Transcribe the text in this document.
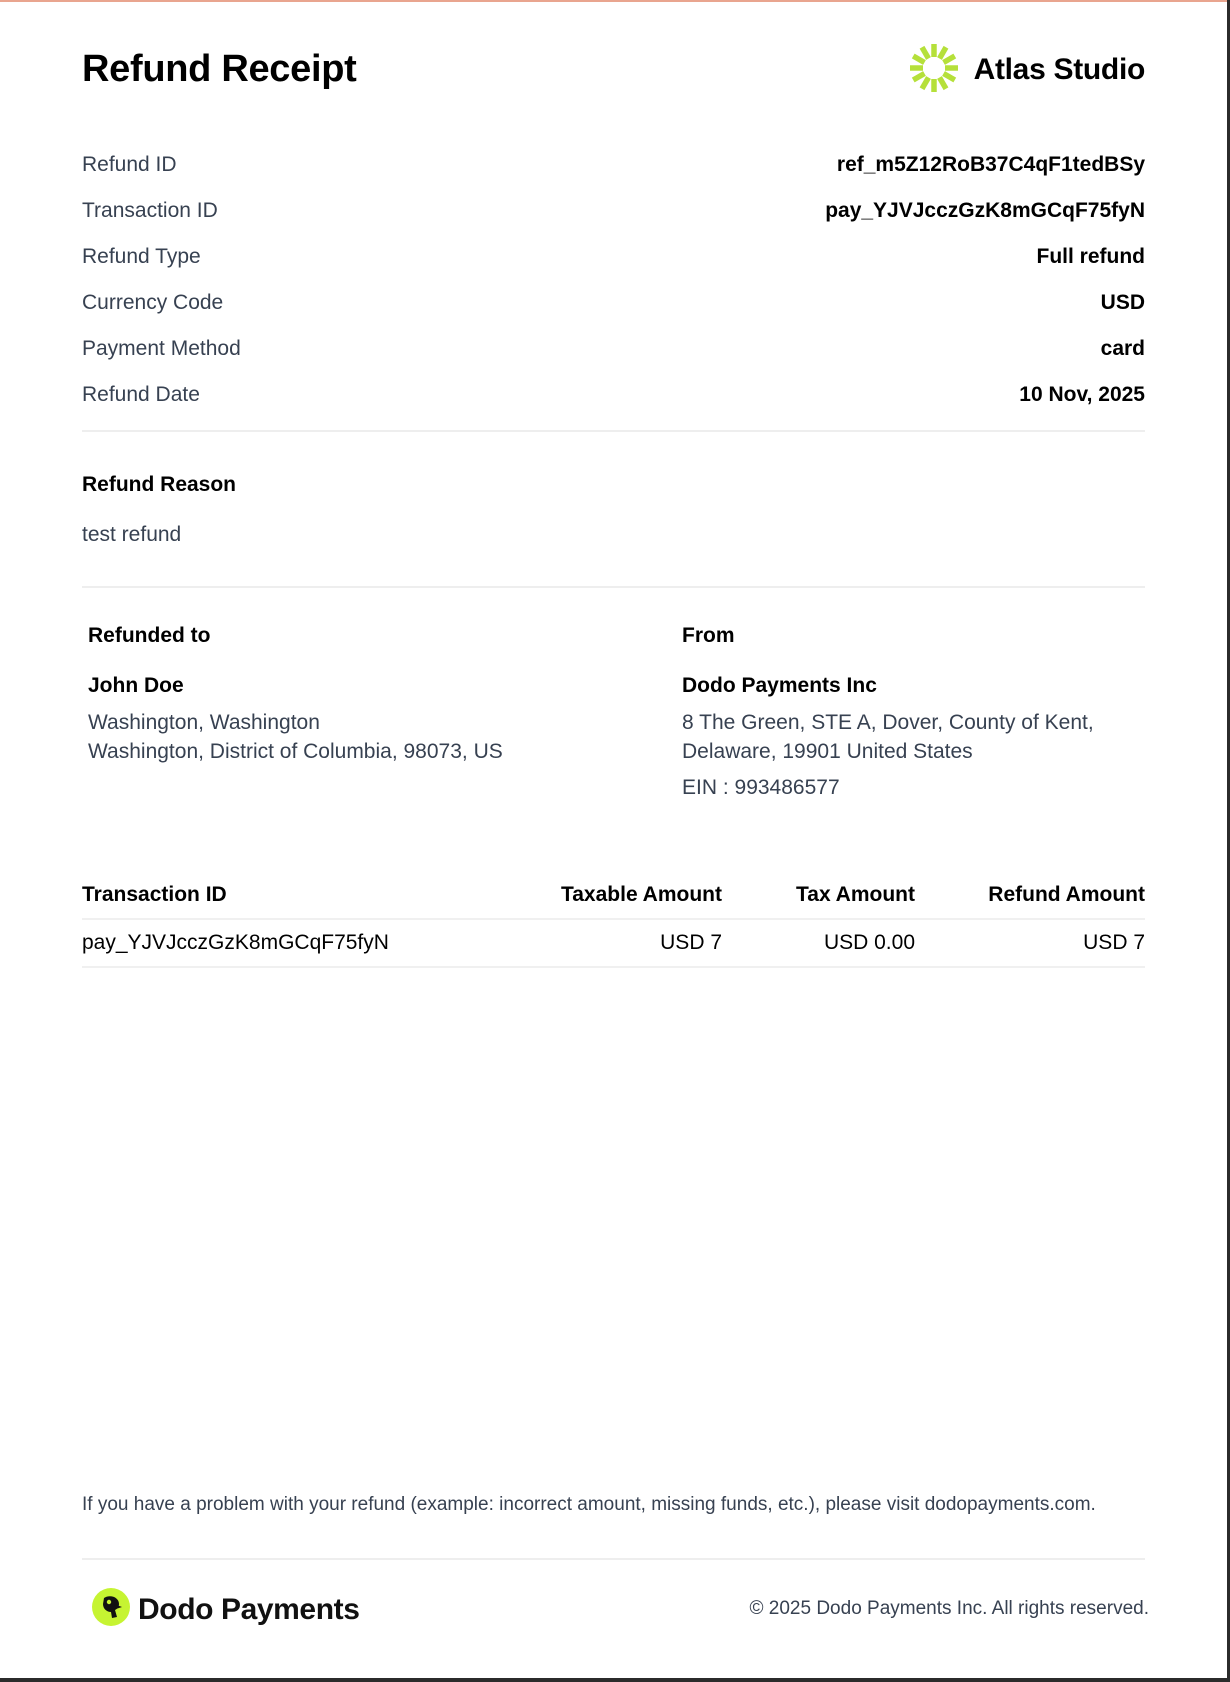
Refund Receipt	Atlas Studio
Refund ID	ref_m5Z12RoB37C4qF1tedBSy
Transaction ID	pay_YJVJcczGzK8mGCqF75fyN
Refund Type	Full refund
Currency Code	USD
Payment Method	card
Refund Date	10 Nov, 2025
Refund Reason
test refund
Refunded to
John Doe
Washington, Washington
Washington, District of Columbia, 98073, US
From
Dodo Payments Inc
8 The Green, STE A, Dover, County of Kent,
Delaware, 19901 United States
EIN : 993486577
Transaction ID	Taxable Amount	Tax Amount	Refund Amount
pay_YJVJcczGzK8mGCqF75fyN	USD 7	USD 0.00	USD 7
If you have a problem with your refund (example: incorrect amount, missing funds, etc.), please visit dodopayments.com.
Dodo Payments	© 2025 Dodo Payments Inc. All rights reserved.
